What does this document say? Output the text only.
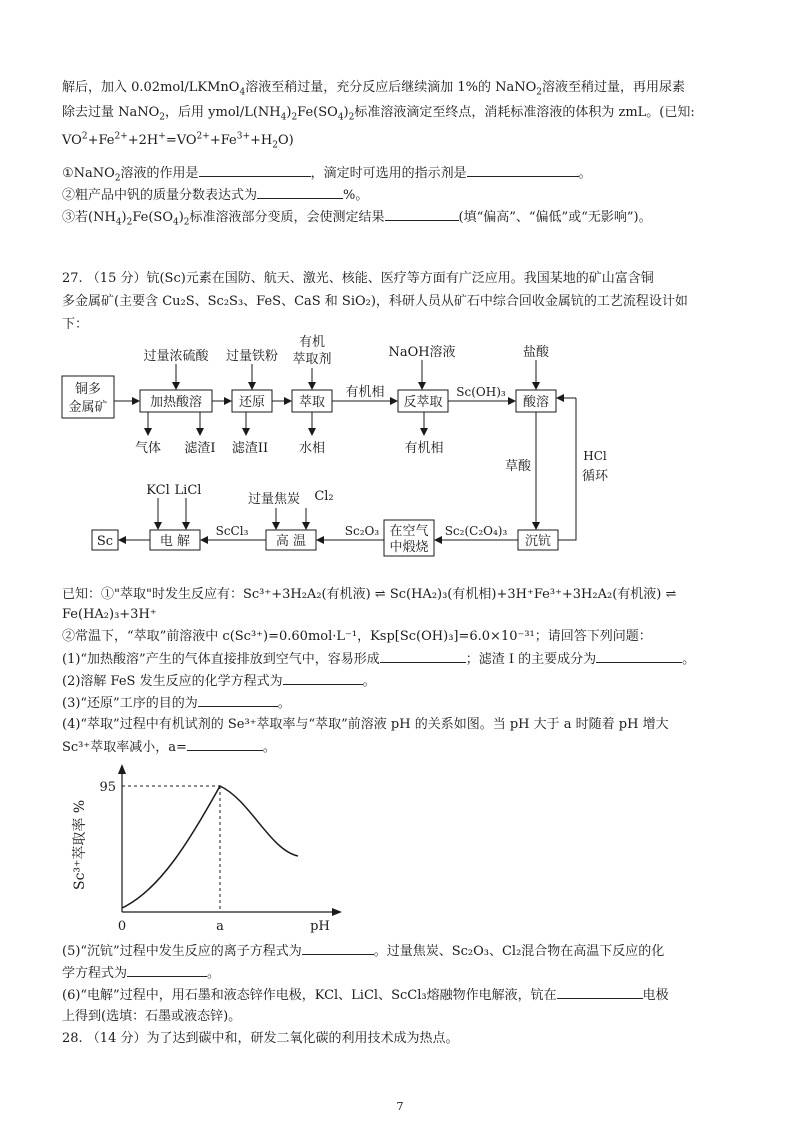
解后，加入 0.02mol/LKMnO$_4$溶液至稍过量，充分反应后继续滴加 1%的 NaNO$_2$溶液至稍过量，再用尿素
除去过量 NaNO$_2$，后用 ymol/$L(NH_4)_2Fe(SO_4)_2$标准溶液滴定至终点，消耗标准溶液的体积为 zmL。(已知:
$VO^2+Fe^{2+}+2H^+=VO^{2+}+Fe^{3+}+H_2O$)
①NaNO$_2$溶液的作用是	，滴定时可选用的指示剂是	。
②粗产品中钒的质量分数表达式为	%。
③若$(NH_4)_2Fe(SO_4)_2$标准溶液部分变质，会使测定结果	(填“偏高”、“偏低”或“无影响”)。
27. （15 分）钪(Sc)元素在国防、航天、激光、核能、医疗等方面有广泛应用。我国某地的矿山富含铜
多金属矿(主要含 Cu₂S、Sc₂S₃、FeS、CaS 和 SiO₂)，科研人员从矿石中综合回收金属钪的工艺流程设计如
下：
铜多
金属矿	加热酸溶	还原	萃取	反萃取	酸溶
Sc	电 解	高 温
在空气
中煅烧	沉钪
过量浓硫酸 过量铁粉
有机
萃取剂	NaOH溶液	盐酸
有机相	Sc(OH)₃
气体 滤渣I 滤渣II 水相	有机相
草酸
HCl
循环
KCl LiCl
过量焦炭 Cl₂
ScCl₃	Sc₂O₃	Sc₂(C₂O₄)₃
已知：①"萃取"时发生反应有：Sc³⁺+3H₂A₂(有机液) ⇌ Sc(HA₂)₃(有机相)+3H⁺Fe³⁺+3H₂A₂(有机液) ⇌
Fe(HA₂)₃+3H⁺
②常温下，“萃取”前溶液中 c(Sc³⁺)=0.60mol·L⁻¹，Ksp[Sc(OH)₃]=6.0×10⁻³¹；请回答下列问题：
(1)“加热酸溶”产生的气体直接排放到空气中，容易形成	；滤渣 I 的主要成分为	。
(2)溶解 FeS 发生反应的化学方程式为	。
(3)“还原”工序的目的为	。
(4)“萃取”过程中有机试剂的 Se³⁺萃取率与“萃取”前溶液 pH 的关系如图。当 pH 大于 a 时随着 pH 增大
Sc³⁺萃取率减小，a=	。
95
0	a	pH
Sc³⁺萃取率 %
(5)“沉钪”过程中发生反应的离子方程式为	。过量焦炭、Sc₂O₃、Cl₂混合物在高温下反应的化
学方程式为	。
(6)“电解”过程中，用石墨和液态锌作电极，KCl、LiCl、ScCl₃熔融物作电解液，钪在	电极
上得到(选填：石墨或液态锌)。
28. （14 分）为了达到碳中和，研发二氧化碳的利用技术成为热点。
7
